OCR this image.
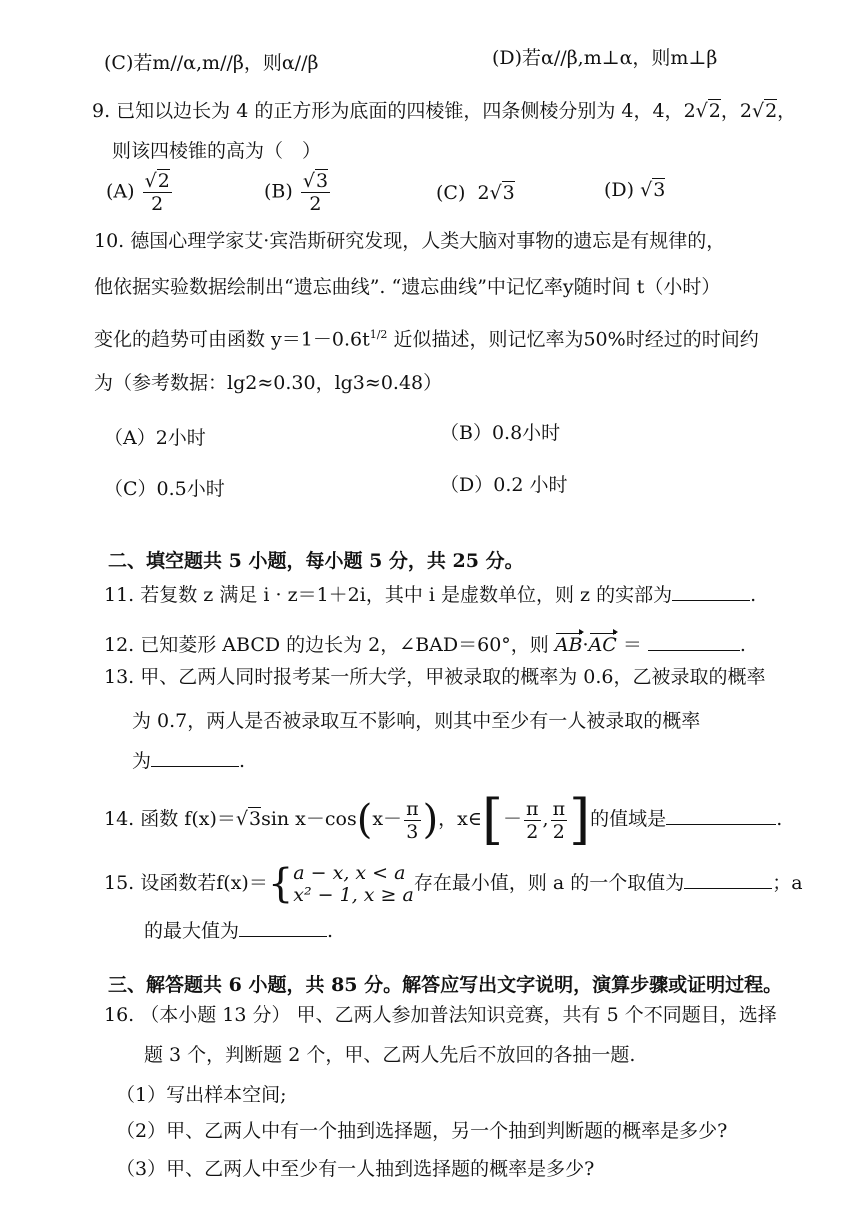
(C)若m//α,m//β，则α//β	(D)若α//β,m⊥α，则m⊥β
9. 已知以边长为 4 的正方形为底面的四棱锥，四条侧棱分别为 4，4，2√2，2√2，
则该四棱锥的高为（　）
$(A) \frac{√2}{2}$	$(B) \frac{√3}{2}$	(C) 2√3	(D) √3
10. 德国心理学家艾·宾浩斯研究发现，人类大脑对事物的遗忘是有规律的，
他依据实验数据绘制出“遗忘曲线”. “遗忘曲线”中记忆率y随时间 t（小时）
变化的趋势可由函数 $y=1-0.6t^{1/2}$ 近似描述，则记忆率为50%时经过的时间约
为（参考数据：lg2≈0.30，lg3≈0.48）
（A）2小时	（B）0.8小时
（C）0.5小时	（D）0.2 小时
二、填空题共 5 小题，每小题 5 分，共 25 分。
11. 若复数 z 满足 i · z＝1＋2i，其中 i 是虚数单位，则 z 的实部为	.
12. 已知菱形 ABCD 的边长为 2，∠BAD＝60°，则 AB·AC ＝	.
13. 甲、乙两人同时报考某一所大学，甲被录取的概率为 0.6，乙被录取的概率
为 0.7，两人是否被录取互不影响，则其中至少有一人被录取的概率
为	.
14. 函数 f(x)＝√3sin $x-\cos(x- \frac{\pi}{3}$ )，x∈[－ $\frac{\pi}{2}$ , $\frac{\pi}{2}$ ]的值域是	.
15. 设函数若f(x)＝{ a − x, x < a
x² − 1, x ≥ a
存在最小值，则 a 的一个取值为	；a
的最大值为	.
三、解答题共 6 小题，共 85 分。解答应写出文字说明，演算步骤或证明过程。
16. （本小题 13 分） 甲、乙两人参加普法知识竞赛，共有 5 个不同题目，选择
题 3 个，判断题 2 个，甲、乙两人先后不放回的各抽一题.
（1）写出样本空间;
（2）甲、乙两人中有一个抽到选择题，另一个抽到判断题的概率是多少?
（3）甲、乙两人中至少有一人抽到选择题的概率是多少?
